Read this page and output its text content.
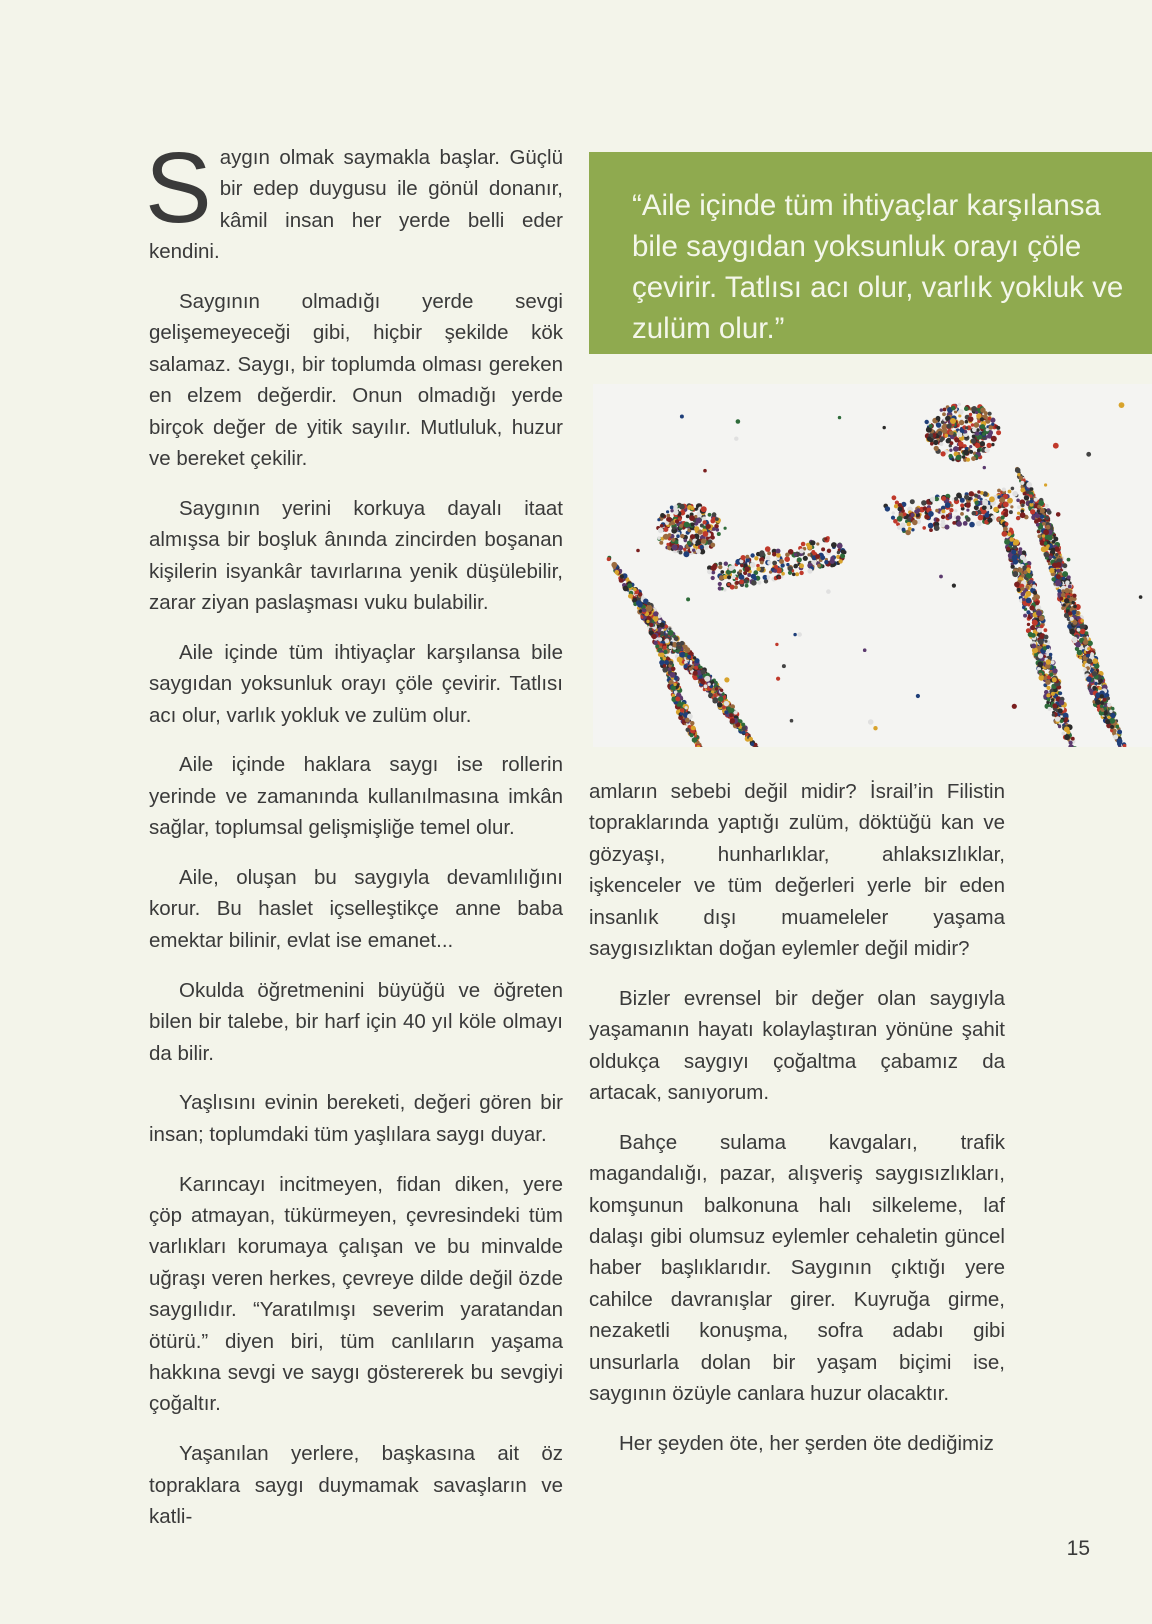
Saygın olmak saymakla başlar. Güçlü bir edep duygusu ile gönül donanır, kâmil insan her yerde belli eder kendini.

Saygının olmadığı yerde sevgi gelişemeyeceği gibi, hiçbir şekilde kök salamaz. Saygı, bir toplumda olması gereken en elzem değerdir. Onun olmadığı yerde birçok değer de yitik sayılır. Mutluluk, huzur ve bereket çekilir.

Saygının yerini korkuya dayalı itaat almışsa bir boşluk ânında zincirden boşanan kişilerin isyankâr tavırlarına yenik düşülebilir, zarar ziyan paslaşması vuku bulabilir.

Aile içinde tüm ihtiyaçlar karşılansa bile saygıdan yoksunluk orayı çöle çevirir. Tatlısı acı olur, varlık yokluk ve zulüm olur.

Aile içinde haklara saygı ise rollerin yerinde ve zamanında kullanılmasına imkân sağlar, toplumsal gelişmişliğe temel olur.

Aile, oluşan bu saygıyla devamlılığını korur. Bu haslet içselleştikçe anne baba emektar bilinir, evlat ise emanet...

Okulda öğretmenini büyüğü ve öğreten bilen bir talebe, bir harf için 40 yıl köle olmayı da bilir.

Yaşlısını evinin bereketi, değeri gören bir insan; toplumdaki tüm yaşlılara saygı duyar.

Karıncayı incitmeyen, fidan diken, yere çöp atmayan, tükürmeyen, çevresindeki tüm varlıkları korumaya çalışan ve bu minvalde uğraşı veren herkes, çevreye dilde değil özde saygılıdır. “Yaratılmışı severim yaratandan ötürü.” diyen biri, tüm canlıların yaşama hakkına sevgi ve saygı göstererek bu sevgiyi çoğaltır.

Yaşanılan yerlere, başkasına ait öz topraklara saygı duymamak savaşların ve katli-

“Aile içinde tüm ihtiyaçlar karşılansa bile saygıdan yoksunluk orayı çöle çevirir. Tatlısı acı olur, varlık yokluk ve zulüm olur.”

amların sebebi değil midir? İsrail’in Filistin topraklarında yaptığı zulüm, döktüğü kan ve gözyaşı, hunharlıklar, ahlaksızlıklar, işkenceler ve tüm değerleri yerle bir eden insanlık dışı muameleler yaşama saygısızlıktan doğan eylemler değil midir?

Bizler evrensel bir değer olan saygıyla yaşamanın hayatı kolaylaştıran yönüne şahit oldukça saygıyı çoğaltma çabamız da artacak, sanıyorum.

Bahçe sulama kavgaları, trafik magandalığı, pazar, alışveriş saygısızlıkları, komşunun balkonuna halı silkeleme, laf dalaşı gibi olumsuz eylemler cehaletin güncel haber başlıklarıdır. Saygının çıktığı yere cahilce davranışlar girer. Kuyruğa girme, nezaketli konuşma, sofra adabı gibi unsurlarla dolan bir yaşam biçimi ise, saygının özüyle canlara huzur olacaktır.

Her şeyden öte, her şerden öte dediğimiz

15
